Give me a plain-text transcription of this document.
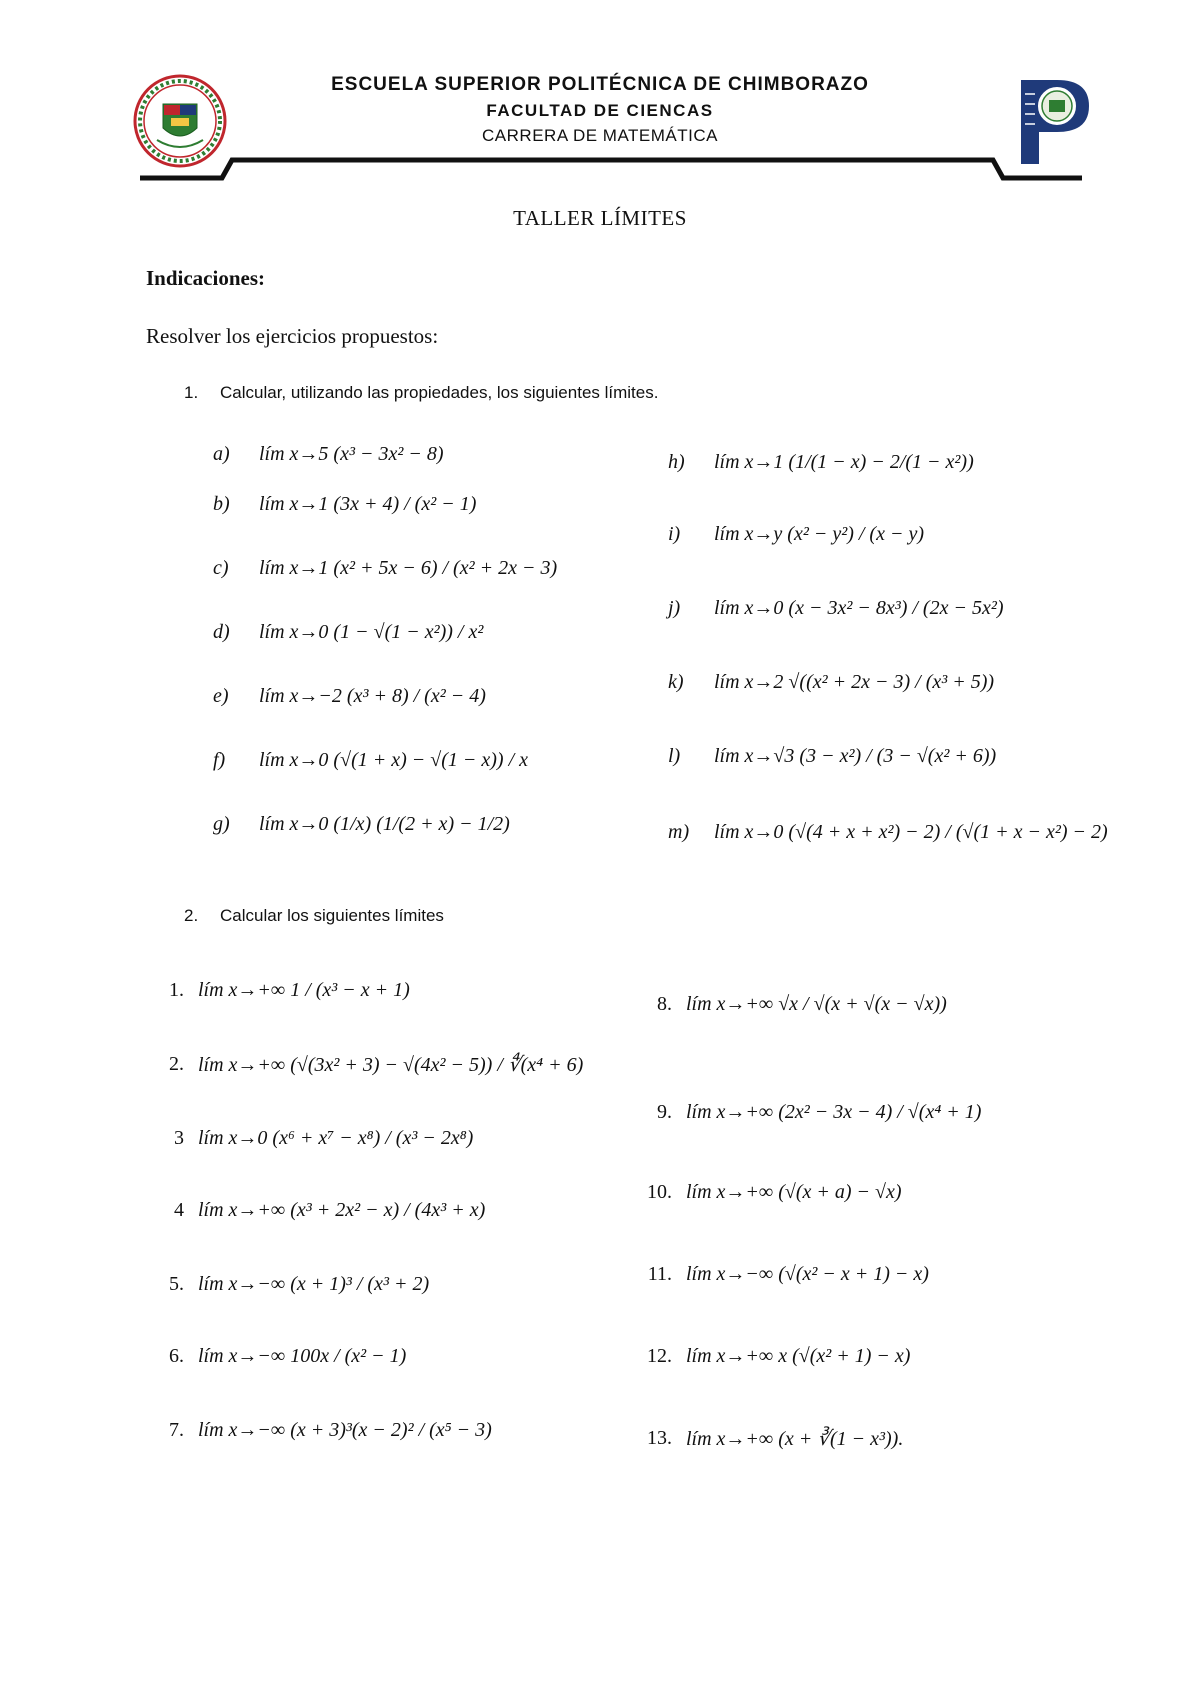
ESCUELA SUPERIOR POLITÉCNICA DE CHIMBORAZO
FACULTAD DE CIENCAS
CARRERA DE MATEMÁTICA
TALLER LÍMITES
Indicaciones:
Resolver los ejercicios propuestos:
1.	Calcular, utilizando las propiedades, los siguientes límites.
a) lím x→5 (x³ − 3x² − 8)
b) lím x→1 (3x + 4) / (x² − 1)
c) lím x→1 (x² + 5x − 6) / (x² + 2x − 3)
d) lím x→0 (1 − √(1 − x²)) / x²
e) lím x→−2 (x³ + 8) / (x² − 4)
f) lím x→0 (√(1 + x) − √(1 − x)) / x
g) lím x→0 (1/x) (1/(2 + x) − 1/2)
h) lím x→1 (1/(1 − x) − 2/(1 − x²))
i) lím x→y (x² − y²) / (x − y)
j) lím x→0 (x − 3x² − 8x³) / (2x − 5x²)
k) lím x→2 √((x² + 2x − 3) / (x³ + 5))
l) lím x→√3 (3 − x²) / (3 − √(x² + 6))
m) lím x→0 (√(4 + x + x²) − 2) / (√(1 + x − x²) − 2)
2.	Calcular los siguientes límites
1. lím x→+∞ 1 / (x³ − x + 1)
2. lím x→+∞ (√(3x² + 3) − √(4x² − 5)) / ∜(x⁴ + 6)
3 lím x→0 (x⁶ + x⁷ − x⁸) / (x³ − 2x⁸)
4 lím x→+∞ (x³ + 2x² − x) / (4x³ + x)
5. lím x→−∞ (x + 1)³ / (x³ + 2)
6. lím x→−∞ 100x / (x² − 1)
7. lím x→−∞ (x + 3)³(x − 2)² / (x⁵ − 3)
8. lím x→+∞ √x / √(x + √(x − √x))
9. lím x→+∞ (2x² − 3x − 4) / √(x⁴ + 1)
10. lím x→+∞ (√(x + a) − √x)
11. lím x→−∞ (√(x² − x + 1) − x)
12. lím x→+∞ x (√(x² + 1) − x)
13. lím x→+∞ (x + ∛(1 − x³)).
